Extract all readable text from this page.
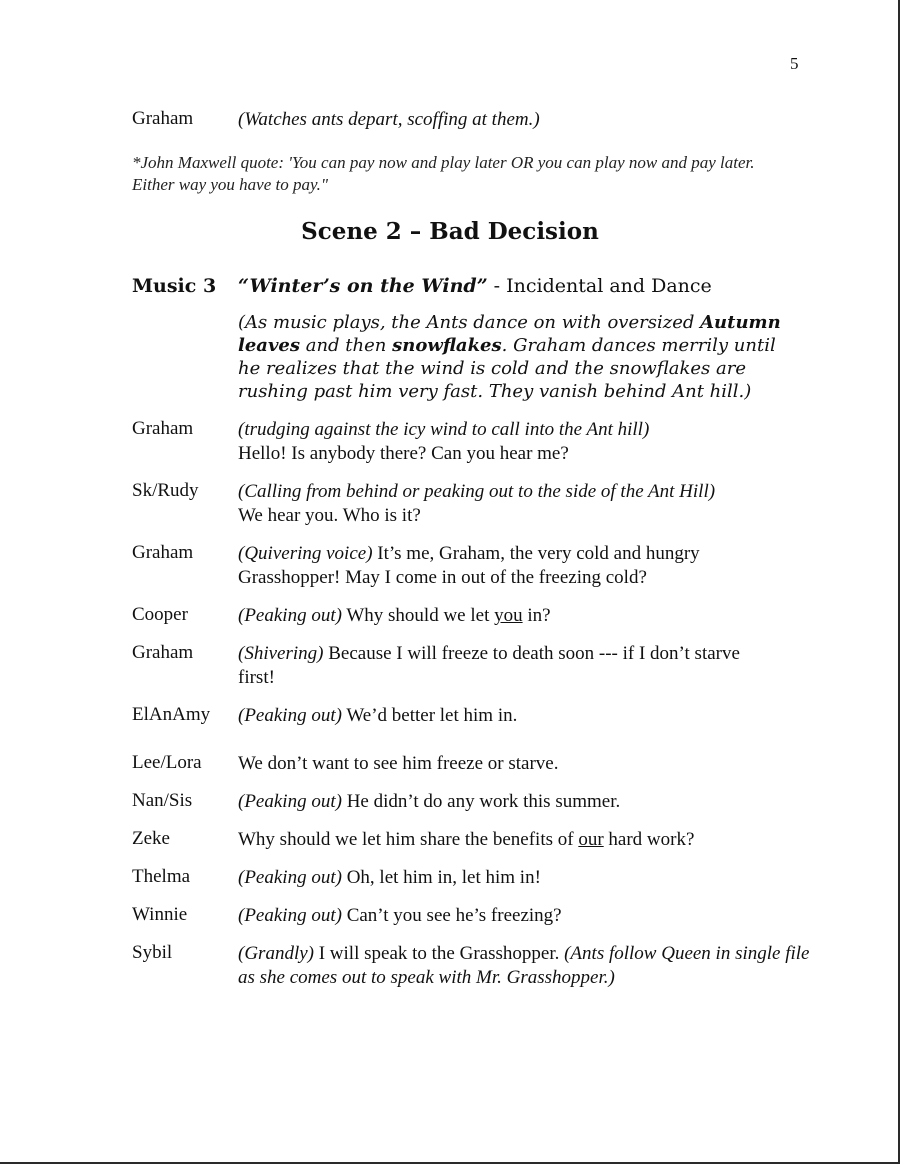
5
Graham (Watches ants depart, scoffing at them.)
*John Maxwell quote: 'You can pay now and play later OR you can play now and pay later. Either way you have to pay."
Scene 2 – Bad Decision
Music 3 “Winter’s on the Wind” - Incidental and Dance
(As music plays, the Ants dance on with oversized Autumn leaves and then snowflakes. Graham dances merrily until he realizes that the wind is cold and the snowflakes are rushing past him very fast. They vanish behind Ant hill.)
Graham (trudging against the icy wind to call into the Ant hill)
Hello! Is anybody there? Can you hear me?
Sk/Rudy (Calling from behind or peaking out to the side of the Ant Hill)
We hear you. Who is it?
Graham (Quivering voice) It’s me, Graham, the very cold and hungry Grasshopper! May I come in out of the freezing cold?
Cooper	(Peaking out) Why should we let you in?
Graham (Shivering) Because I will freeze to death soon --- if I don’t starve first!
ElAnAmy (Peaking out) We’d better let him in.
Lee/Lora We don’t want to see him freeze or starve.
Nan/Sis (Peaking out) He didn’t do any work this summer.
Zeke	Why should we let him share the benefits of our hard work?
Thelma	(Peaking out) Oh, let him in, let him in!
Winnie	(Peaking out) Can’t you see he’s freezing?
Sybil	(Grandly) I will speak to the Grasshopper. (Ants follow Queen in single file as she comes out to speak with Mr. Grasshopper.)
